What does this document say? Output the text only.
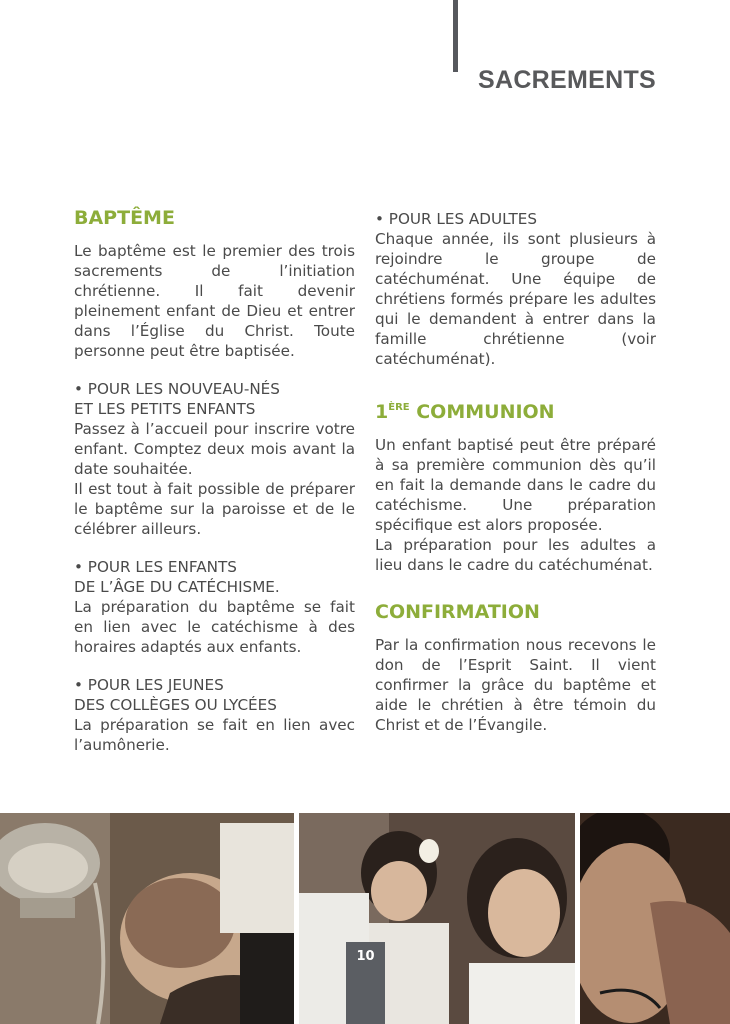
SACREMENTS
BAPTÊME

Le baptême est le premier des trois sacrements de l’initiation chrétienne. Il fait devenir pleinement enfant de Dieu et entrer dans l’Église du Christ. Toute personne peut être baptisée.

• POUR LES NOUVEAU-NÉS
ET LES PETITS ENFANTS

Passez à l’accueil pour inscrire votre enfant. Comptez deux mois avant la date souhaitée.

Il est tout à fait possible de préparer le baptême sur la paroisse et de le célébrer ailleurs.

• POUR LES ENFANTS
DE L’ÂGE DU CATÉCHISME.

La préparation du baptême se fait en lien avec le catéchisme à des horaires adaptés aux enfants.

• POUR LES JEUNES
DES COLLÈGES OU LYCÉES

La préparation se fait en lien avec l’aumônerie.

• POUR LES ADULTES

Chaque année, ils sont plusieurs à rejoindre le groupe de catéchuménat. Une équipe de chrétiens formés prépare les adultes qui le demandent à entrer dans la famille chrétienne (voir catéchuménat).

1ÈRE COMMUNION

Un enfant baptisé peut être préparé à sa première communion dès qu’il en fait la demande dans le cadre du catéchisme. Une préparation spécifique est alors proposée.

La préparation pour les adultes a lieu dans le cadre du catéchuménat.

CONFIRMATION

Par la confirmation nous recevons le don de l’Esprit Saint. Il vient confirmer la grâce du baptême et aide le chrétien à être témoin du Christ et de l’Évangile.

10
